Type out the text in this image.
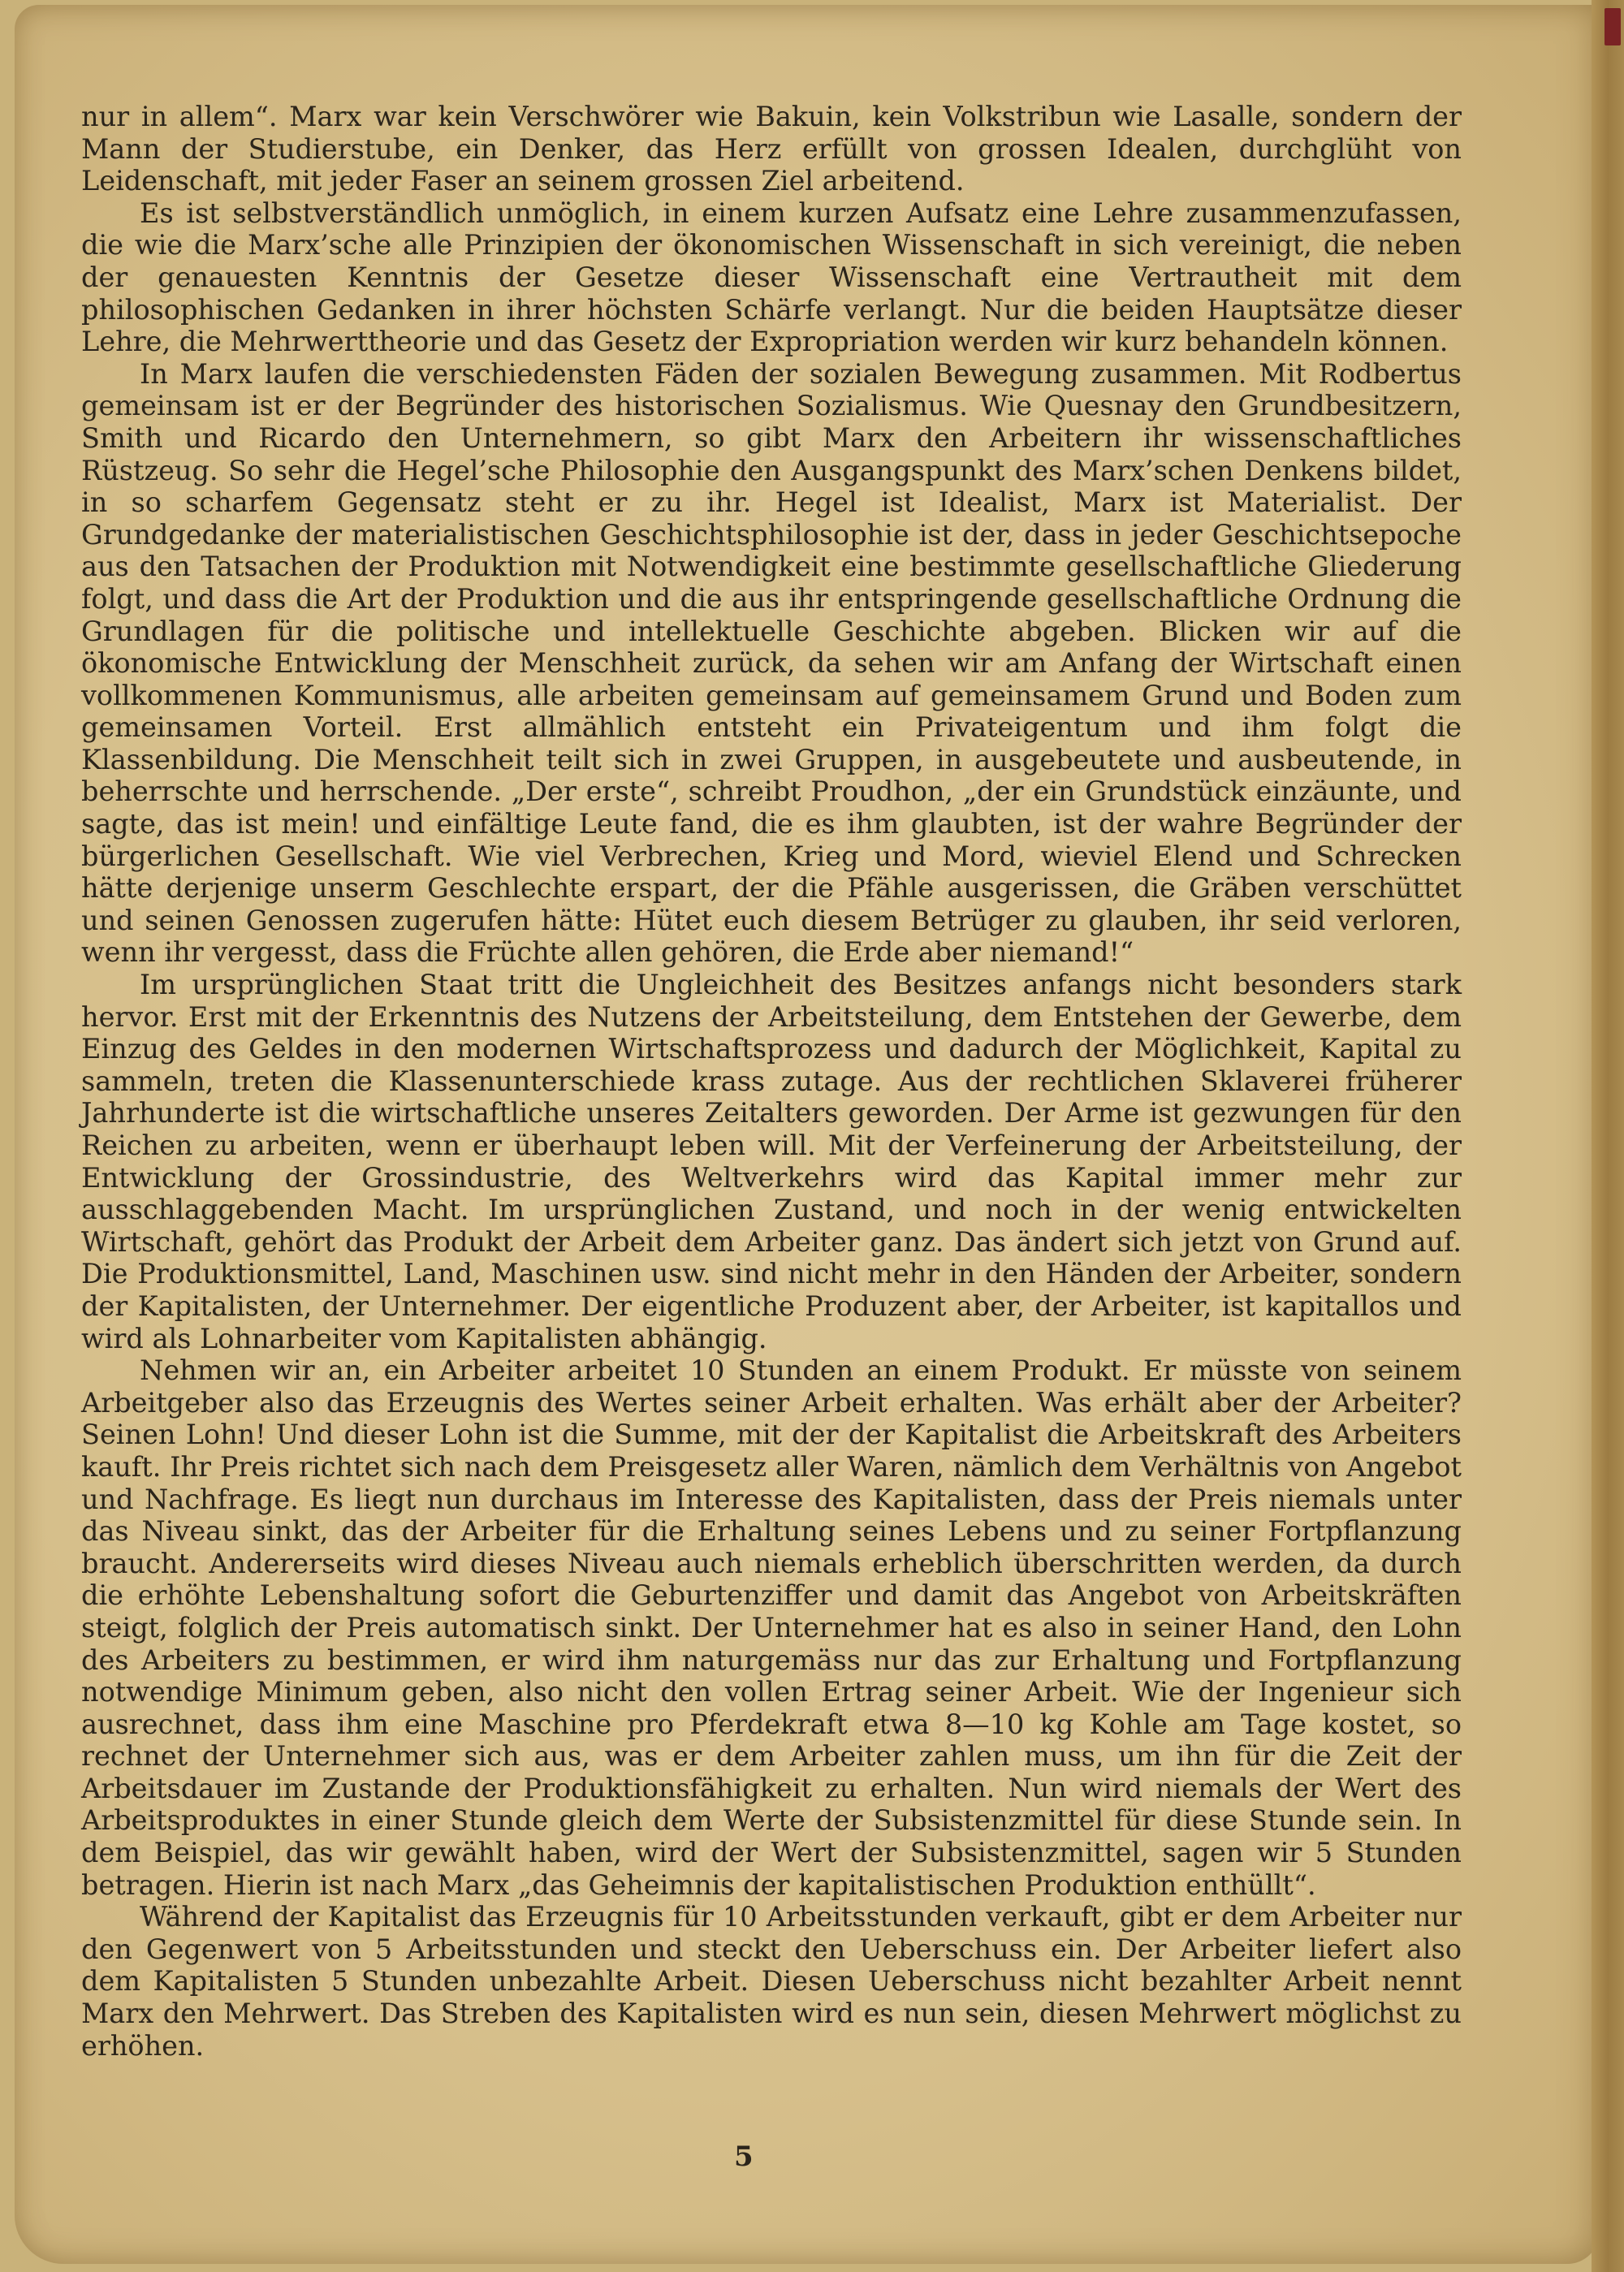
nur in allem“. Marx war kein Verschwörer wie Bakuin, kein Volkstribun wie Lasalle, sondern der Mann der Studierstube, ein Denker, das Herz erfüllt von grossen Idealen, durchglüht von Leidenschaft, mit jeder Faser an seinem grossen Ziel arbeitend.

Es ist selbstverständlich unmöglich, in einem kurzen Aufsatz eine Lehre zusammenzufassen, die wie die Marx’sche alle Prinzipien der ökonomischen Wissenschaft in sich vereinigt, die neben der genauesten Kenntnis der Gesetze dieser Wissenschaft eine Vertrautheit mit dem philosophischen Gedanken in ihrer höchsten Schärfe verlangt. Nur die beiden Hauptsätze dieser Lehre, die Mehrwerttheorie und das Gesetz der Expropriation werden wir kurz behandeln können.

In Marx laufen die verschiedensten Fäden der sozialen Bewegung zusammen. Mit Rodbertus gemeinsam ist er der Begründer des historischen Sozialismus. Wie Quesnay den Grundbesitzern, Smith und Ricardo den Unternehmern, so gibt Marx den Arbeitern ihr wissenschaftliches Rüstzeug. So sehr die Hegel’sche Philosophie den Ausgangspunkt des Marx’schen Denkens bildet, in so scharfem Gegensatz steht er zu ihr. Hegel ist Idealist, Marx ist Materialist. Der Grundgedanke der materialistischen Geschichtsphilosophie ist der, dass in jeder Geschichtsepoche aus den Tatsachen der Produktion mit Notwendigkeit eine bestimmte gesellschaftliche Gliederung folgt, und dass die Art der Produktion und die aus ihr entspringende gesellschaftliche Ordnung die Grundlagen für die politische und intellektuelle Geschichte abgeben. Blicken wir auf die ökonomische Entwicklung der Menschheit zurück, da sehen wir am Anfang der Wirtschaft einen vollkommenen Kommunismus, alle arbeiten gemeinsam auf gemeinsamem Grund und Boden zum gemeinsamen Vorteil. Erst allmählich entsteht ein Privateigentum und ihm folgt die Klassenbildung. Die Menschheit teilt sich in zwei Gruppen, in ausgebeutete und ausbeutende, in beherrschte und herrschende. „Der erste“, schreibt Proudhon, „der ein Grundstück einzäunte, und sagte, das ist mein! und einfältige Leute fand, die es ihm glaubten, ist der wahre Begründer der bürgerlichen Gesellschaft. Wie viel Verbrechen, Krieg und Mord, wieviel Elend und Schrecken hätte derjenige unserm Geschlechte erspart, der die Pfähle ausgerissen, die Gräben verschüttet und seinen Genossen zugerufen hätte: Hütet euch diesem Betrüger zu glauben, ihr seid verloren, wenn ihr vergesst, dass die Früchte allen gehören, die Erde aber niemand!“

Im ursprünglichen Staat tritt die Ungleichheit des Besitzes anfangs nicht besonders stark hervor. Erst mit der Erkenntnis des Nutzens der Arbeitsteilung, dem Entstehen der Gewerbe, dem Einzug des Geldes in den modernen Wirtschaftsprozess und dadurch der Möglichkeit, Kapital zu sammeln, treten die Klassenunterschiede krass zutage. Aus der rechtlichen Sklaverei früherer Jahrhunderte ist die wirtschaftliche unseres Zeitalters geworden. Der Arme ist gezwungen für den Reichen zu arbeiten, wenn er überhaupt leben will. Mit der Verfeinerung der Arbeitsteilung, der Entwicklung der Grossindustrie, des Weltverkehrs wird das Kapital immer mehr zur ausschlaggebenden Macht. Im ursprünglichen Zustand, und noch in der wenig entwickelten Wirtschaft, gehört das Produkt der Arbeit dem Arbeiter ganz. Das ändert sich jetzt von Grund auf. Die Produktionsmittel, Land, Maschinen usw. sind nicht mehr in den Händen der Arbeiter, sondern der Kapitalisten, der Unternehmer. Der eigentliche Produzent aber, der Arbeiter, ist kapitallos und wird als Lohnarbeiter vom Kapitalisten abhängig.

Nehmen wir an, ein Arbeiter arbeitet 10 Stunden an einem Produkt. Er müsste von seinem Arbeitgeber also das Erzeugnis des Wertes seiner Arbeit erhalten. Was erhält aber der Arbeiter? Seinen Lohn! Und dieser Lohn ist die Summe, mit der der Kapitalist die Arbeitskraft des Arbeiters kauft. Ihr Preis richtet sich nach dem Preisgesetz aller Waren, nämlich dem Verhältnis von Angebot und Nachfrage. Es liegt nun durchaus im Interesse des Kapitalisten, dass der Preis niemals unter das Niveau sinkt, das der Arbeiter für die Erhaltung seines Lebens und zu seiner Fortpflanzung braucht. Andererseits wird dieses Niveau auch niemals erheblich überschritten werden, da durch die erhöhte Lebenshaltung sofort die Geburtenziffer und damit das Angebot von Arbeitskräften steigt, folglich der Preis automatisch sinkt. Der Unternehmer hat es also in seiner Hand, den Lohn des Arbeiters zu bestimmen, er wird ihm naturgemäss nur das zur Erhaltung und Fortpflanzung notwendige Minimum geben, also nicht den vollen Ertrag seiner Arbeit. Wie der Ingenieur sich ausrechnet, dass ihm eine Maschine pro Pferdekraft etwa 8—10 kg Kohle am Tage kostet, so rechnet der Unternehmer sich aus, was er dem Arbeiter zahlen muss, um ihn für die Zeit der Arbeitsdauer im Zustande der Produktionsfähigkeit zu erhalten. Nun wird niemals der Wert des Arbeitsproduktes in einer Stunde gleich dem Werte der Subsistenzmittel für diese Stunde sein. In dem Beispiel, das wir gewählt haben, wird der Wert der Subsistenzmittel, sagen wir 5 Stunden betragen. Hierin ist nach Marx „das Geheimnis der kapitalistischen Produktion enthüllt“.

Während der Kapitalist das Erzeugnis für 10 Arbeitsstunden verkauft, gibt er dem Arbeiter nur den Gegenwert von 5 Arbeitsstunden und steckt den Ueberschuss ein. Der Arbeiter liefert also dem Kapitalisten 5 Stunden unbezahlte Arbeit. Diesen Ueberschuss nicht bezahlter Arbeit nennt Marx den Mehrwert. Das Streben des Kapitalisten wird es nun sein, diesen Mehrwert möglichst zu erhöhen.

5
